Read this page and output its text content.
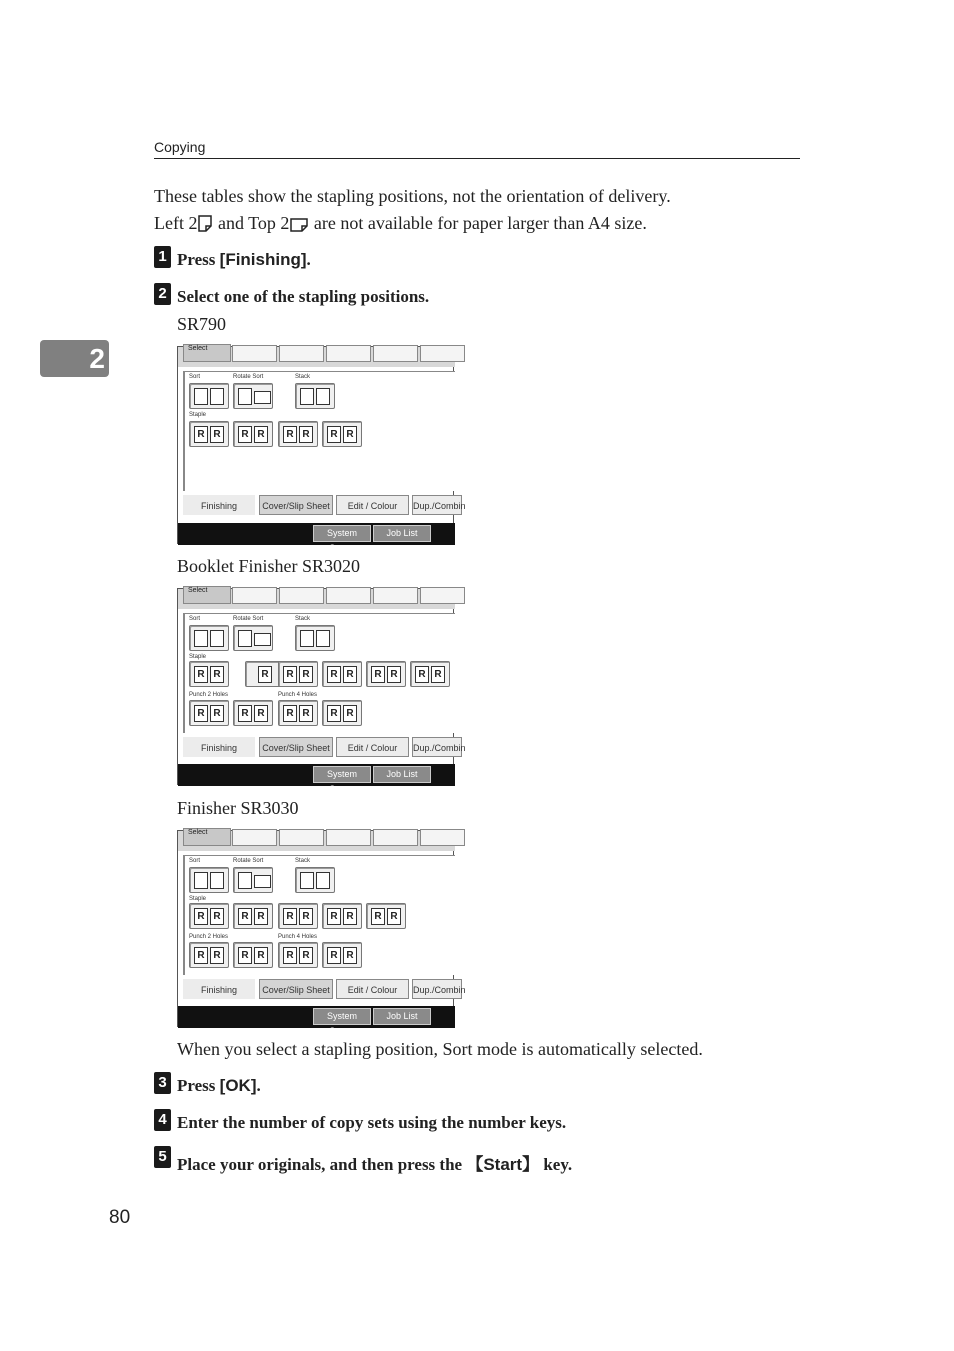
Copying
2
These tables show the stapling positions, not the orientation of delivery.
Left 2 and Top 2 are not available for paper larger than A4 size.
1 Press [Finishing].
2 Select one of the stapling positions.
SR790
Select
Sort	Rotate Sort	Stack
Staple
R R	R R	R R	R R
Finishing	Cover/Slip Sheet	Edit / Colour	Dup./Combin
System Status
Job List
Booklet Finisher SR3020
Select
Sort	Rotate Sort	Stack
Staple
R R	R	R R	R R	R R	R R
Punch 2 Holes	Punch 4 Holes
R R	R R	R R	R R
Finishing	Cover/Slip Sheet	Edit / Colour	Dup./Combin
System Status
Job List
Finisher SR3030
Select
Sort	Rotate Sort	Stack
Staple
R R	R R	R R	R R	R R
Punch 2 Holes	Punch 4 Holes
R R	R R	R R	R R
Finishing	Cover/Slip Sheet	Edit / Colour	Dup./Combin
System Status
Job List
When you select a stapling position, Sort mode is automatically selected.
3 Press [OK].
4 Enter the number of copy sets using the number keys.
5 Place your originals, and then press the 【Start】 key.
80
